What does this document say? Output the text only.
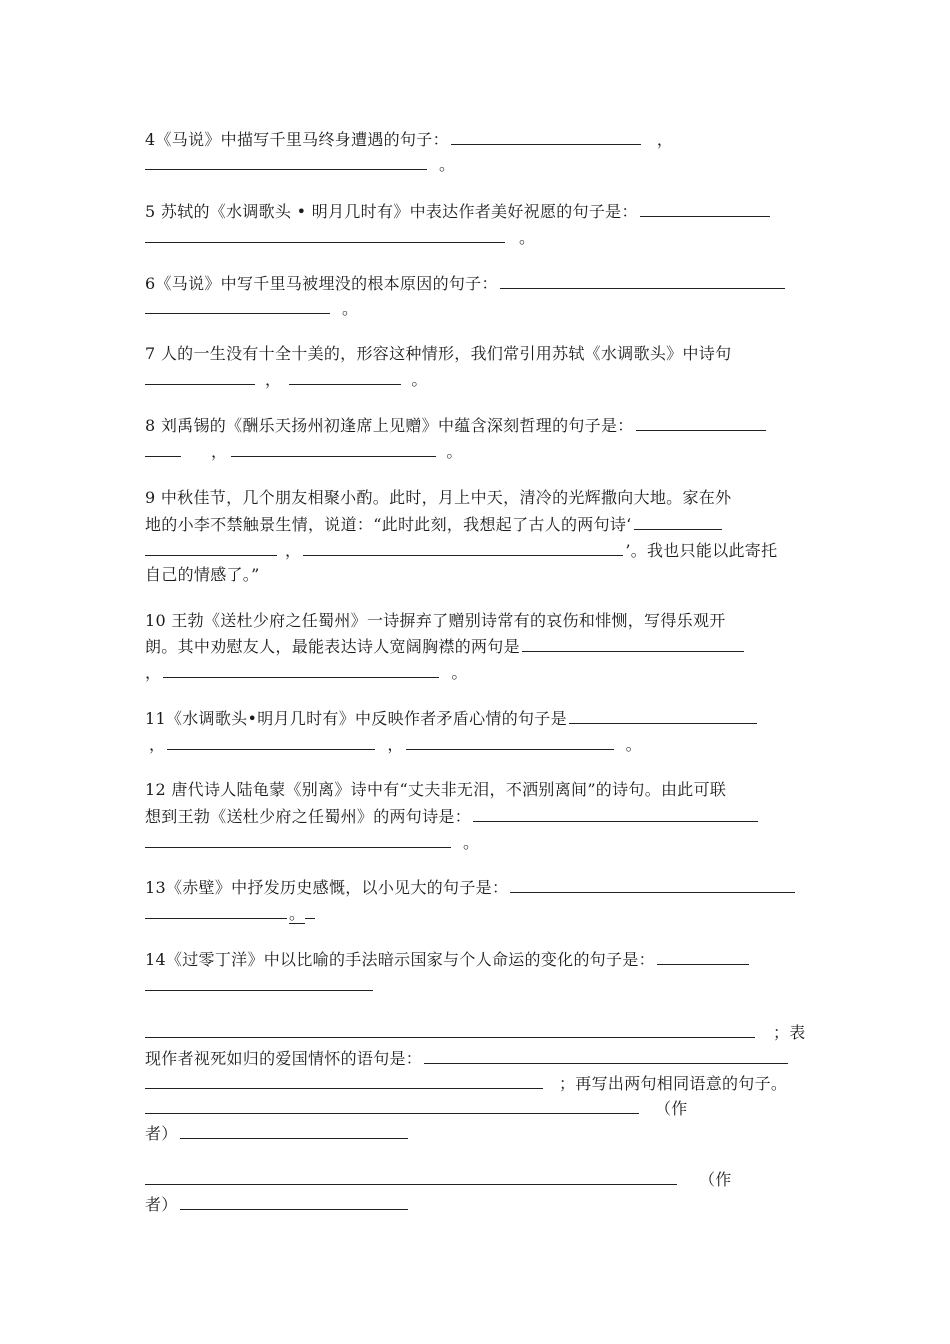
4《马说》中描写千里马终身遭遇的句子：	，
。
5 苏轼的《水调歌头 • 明月几时有》中表达作者美好祝愿的句子是：
。
6《马说》中写千里马被埋没的根本原因的句子：
。
7 人的一生没有十全十美的，形容这种情形，我们常引用苏轼《水调歌头》中诗句
，	。
8 刘禹锡的《酬乐天扬州初逢席上见赠》中蕴含深刻哲理的句子是：
，	。
9 中秋佳节，几个朋友相聚小酌。此时，月上中天，清冷的光辉撒向大地。家在外
地的小李不禁触景生情，说道：“此时此刻，我想起了古人的两句诗‘
，	’。我也只能以此寄托
自己的情感了。”
10 王勃《送杜少府之任蜀州》一诗摒弃了赠别诗常有的哀伤和悱恻，写得乐观开
朗。其中劝慰友人，最能表达诗人宽阔胸襟的两句是
，	。
11《水调歌头•明月几时有》中反映作者矛盾心情的句子是
，	，	。
12 唐代诗人陆龟蒙《别离》诗中有“丈夫非无泪，不洒别离间”的诗句。由此可联
想到王勃《送杜少府之任蜀州》的两句诗是：
。
13《赤壁》中抒发历史感慨，以小见大的句子是：
。
14《过零丁洋》中以比喻的手法暗示国家与个人命运的变化的句子是：
；表
现作者视死如归的爱国情怀的语句是：
；再写出两句相同语意的句子。
（作
者）
（作
者）
